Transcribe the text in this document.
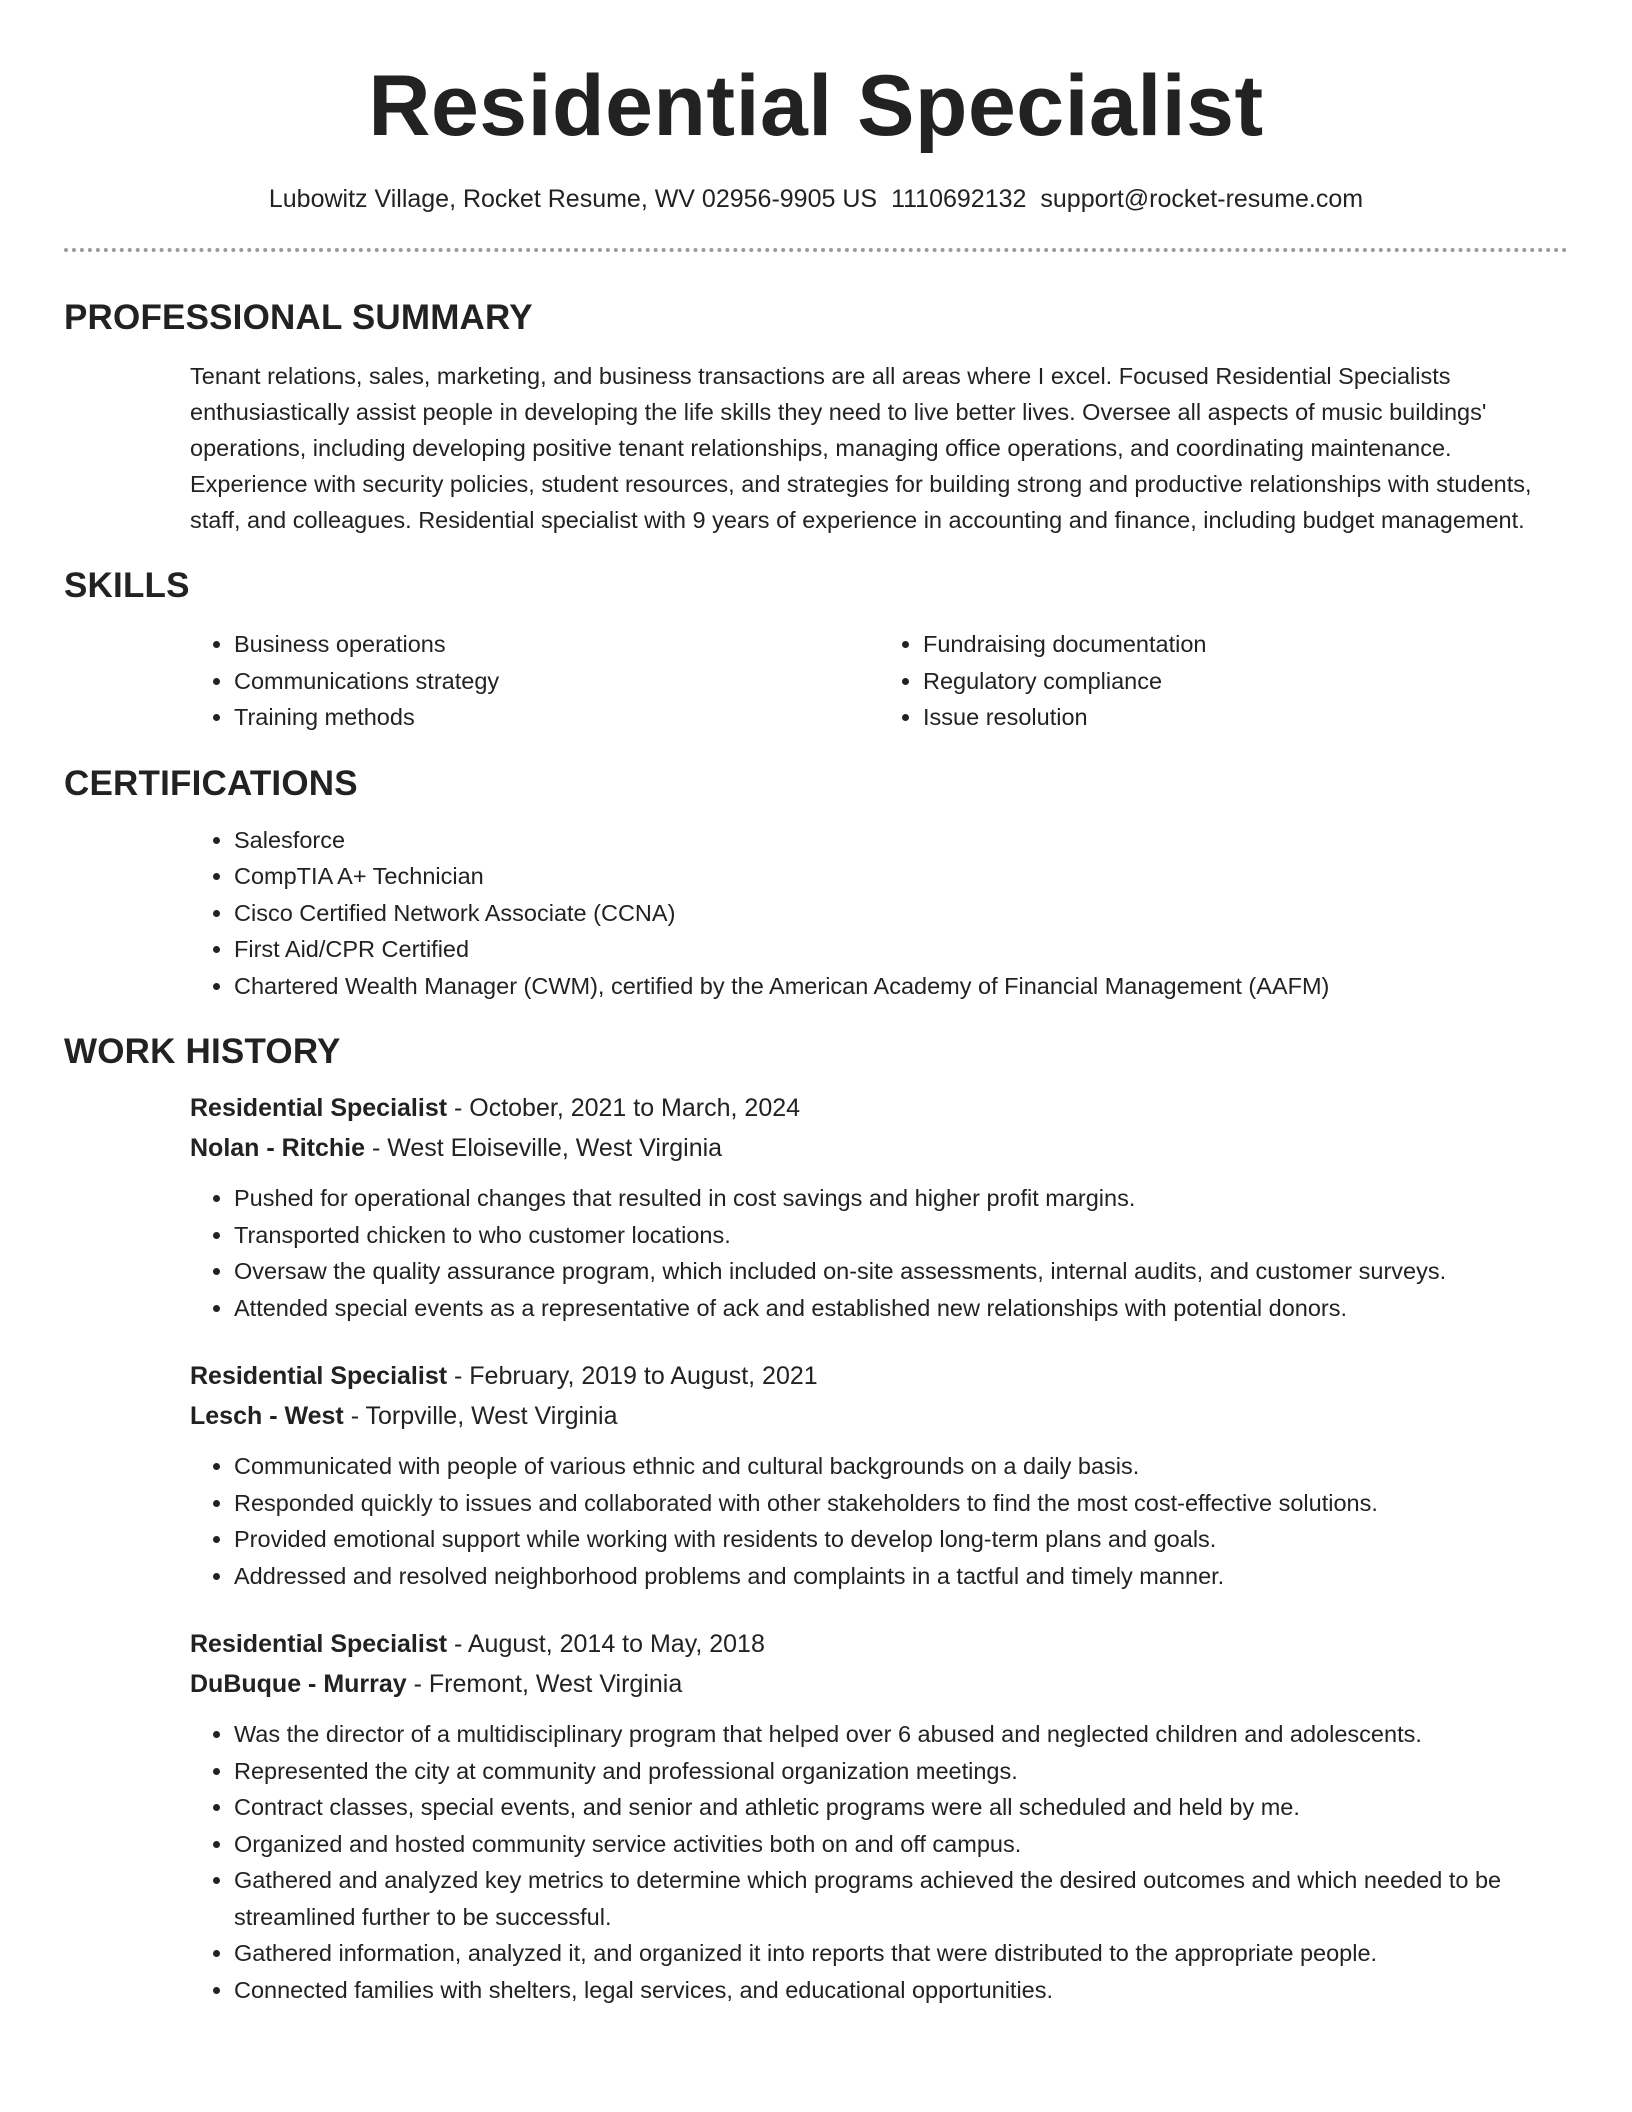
Residential Specialist
Lubowitz Village, Rocket Resume, WV 02956-9905 US 1110692132 support@rocket-resume.com
PROFESSIONAL SUMMARY

Tenant relations, sales, marketing, and business transactions are all areas where I excel. Focused Residential Specialists enthusiastically assist people in developing the life skills they need to live better lives. Oversee all aspects of music buildings' operations, including developing positive tenant relationships, managing office operations, and coordinating maintenance. Experience with security policies, student resources, and strategies for building strong and productive relationships with students, staff, and colleagues. Residential specialist with 9 years of experience in accounting and finance, including budget management.

SKILLS
• Business operations
• Communications strategy
• Training methods
• Fundraising documentation
• Regulatory compliance
• Issue resolution
CERTIFICATIONS
• Salesforce
• CompTIA A+ Technician
• Cisco Certified Network Associate (CCNA)
• First Aid/CPR Certified
• Chartered Wealth Manager (CWM), certified by the American Academy of Financial Management (AAFM)
WORK HISTORY
Residential Specialist - October, 2021 to March, 2024
Nolan - Ritchie - West Eloiseville, West Virginia
• Pushed for operational changes that resulted in cost savings and higher profit margins.
• Transported chicken to who customer locations.
• Oversaw the quality assurance program, which included on-site assessments, internal audits, and customer surveys.
• Attended special events as a representative of ack and established new relationships with potential donors.
Residential Specialist - February, 2019 to August, 2021
Lesch - West - Torpville, West Virginia
• Communicated with people of various ethnic and cultural backgrounds on a daily basis.
• Responded quickly to issues and collaborated with other stakeholders to find the most cost-effective solutions.
• Provided emotional support while working with residents to develop long-term plans and goals.
• Addressed and resolved neighborhood problems and complaints in a tactful and timely manner.
Residential Specialist - August, 2014 to May, 2018
DuBuque - Murray - Fremont, West Virginia
• Was the director of a multidisciplinary program that helped over 6 abused and neglected children and adolescents.
• Represented the city at community and professional organization meetings.
• Contract classes, special events, and senior and athletic programs were all scheduled and held by me.
• Organized and hosted community service activities both on and off campus.
• Gathered and analyzed key metrics to determine which programs achieved the desired outcomes and which needed to be streamlined further to be successful.
• Gathered information, analyzed it, and organized it into reports that were distributed to the appropriate people.
• Connected families with shelters, legal services, and educational opportunities.
